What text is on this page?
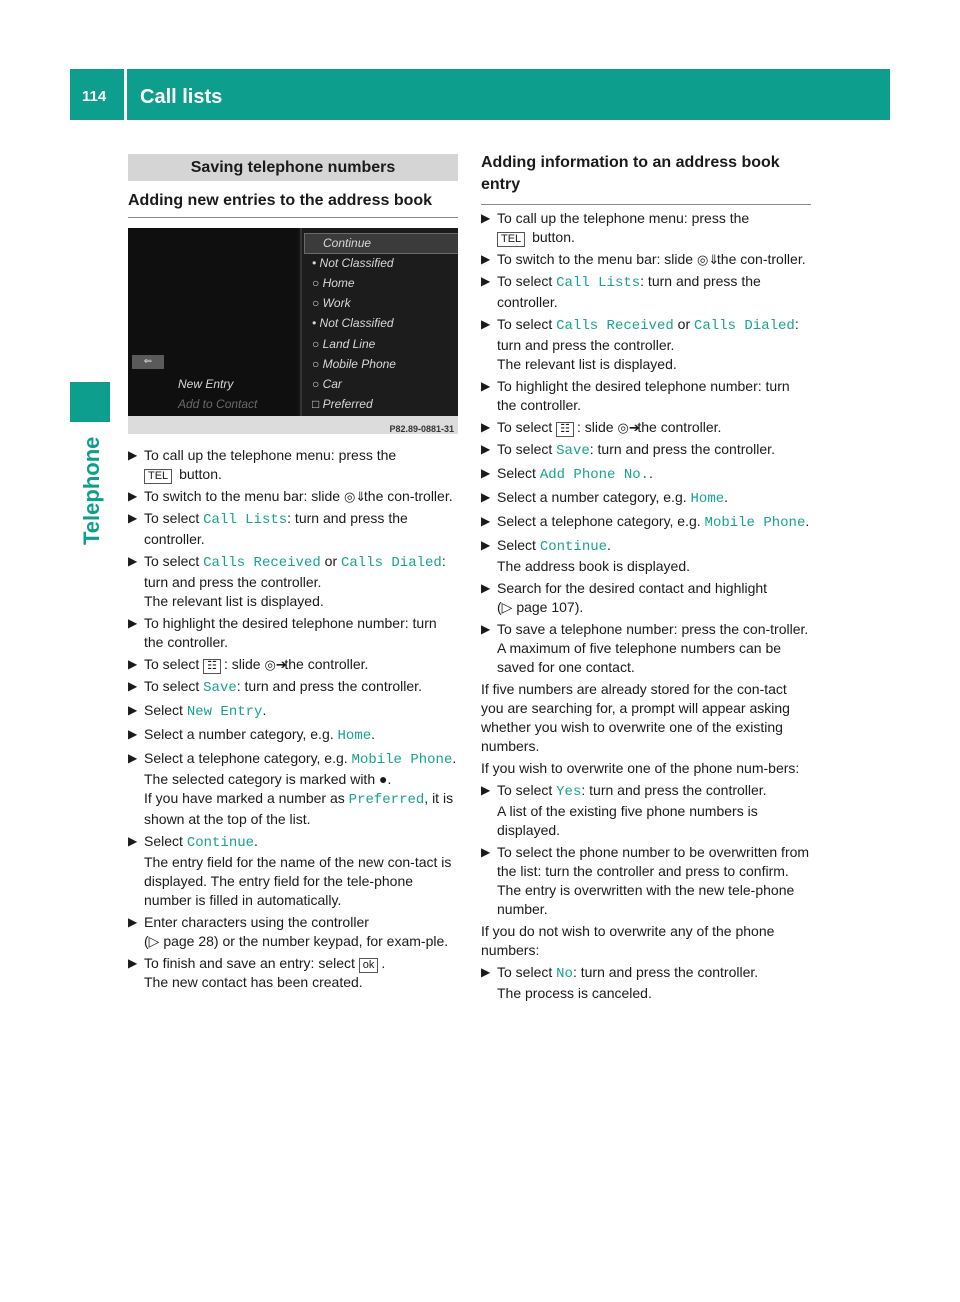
114 Call lists
Telephone
Saving telephone numbers
Adding new entries to the address book
⇐
New Entry
Add to Contact
Continue
• Not Classified
○ Home
○ Work
• Not Classified
○ Land Line
○ Mobile Phone
○ Car
□ Preferred
P82.89-0881-31
▶ To call up the telephone menu: press the
TEL button.
▶ To switch to the menu bar: slide ◎⇓ the con-troller.
▶ To select Call Lists: turn and press the controller.
▶ To select Calls Received or Calls Dialed:
turn and press the controller.
The relevant list is displayed.
▶ To highlight the desired telephone number: turn the controller.
▶ To select ☷ : slide ◎➔ the controller.
▶ To select Save: turn and press the controller.
▶ Select New Entry.
▶ Select a number category, e.g. Home.
▶ Select a telephone category, e.g. Mobile Phone.
The selected category is marked with ●.
If you have marked a number as Preferred, it is shown at the top of the list.
▶ Select Continue.
The entry field for the name of the new con-tact is displayed. The entry field for the tele-phone number is filled in automatically.
▶ Enter characters using the controller
(▷ page 28) or the number keypad, for exam-ple.
▶ To finish and save an entry: select ok .
The new contact has been created.
Adding information to an address book entry
▶ To call up the telephone menu: press the
TEL button.
▶ To switch to the menu bar: slide ◎⇓ the con-troller.
▶ To select Call Lists: turn and press the controller.
▶ To select Calls Received or Calls Dialed:
turn and press the controller.
The relevant list is displayed.
▶ To highlight the desired telephone number: turn the controller.
▶ To select ☷ : slide ◎➔ the controller.
▶ To select Save: turn and press the controller.
▶ Select Add Phone No..
▶ Select a number category, e.g. Home.
▶ Select a telephone category, e.g. Mobile Phone.
▶ Select Continue.
The address book is displayed.
▶ Search for the desired contact and highlight
(▷ page 107).
▶ To save a telephone number: press the con-troller.
A maximum of five telephone numbers can be saved for one contact.
If five numbers are already stored for the con-tact you are searching for, a prompt will appear asking whether you wish to overwrite one of the existing numbers.
If you wish to overwrite one of the phone num-bers:
▶ To select Yes: turn and press the controller.
A list of the existing five phone numbers is displayed.
▶ To select the phone number to be overwritten from the list: turn the controller and press to confirm.
The entry is overwritten with the new tele-phone number.
If you do not wish to overwrite any of the phone numbers:
▶ To select No: turn and press the controller.
The process is canceled.
